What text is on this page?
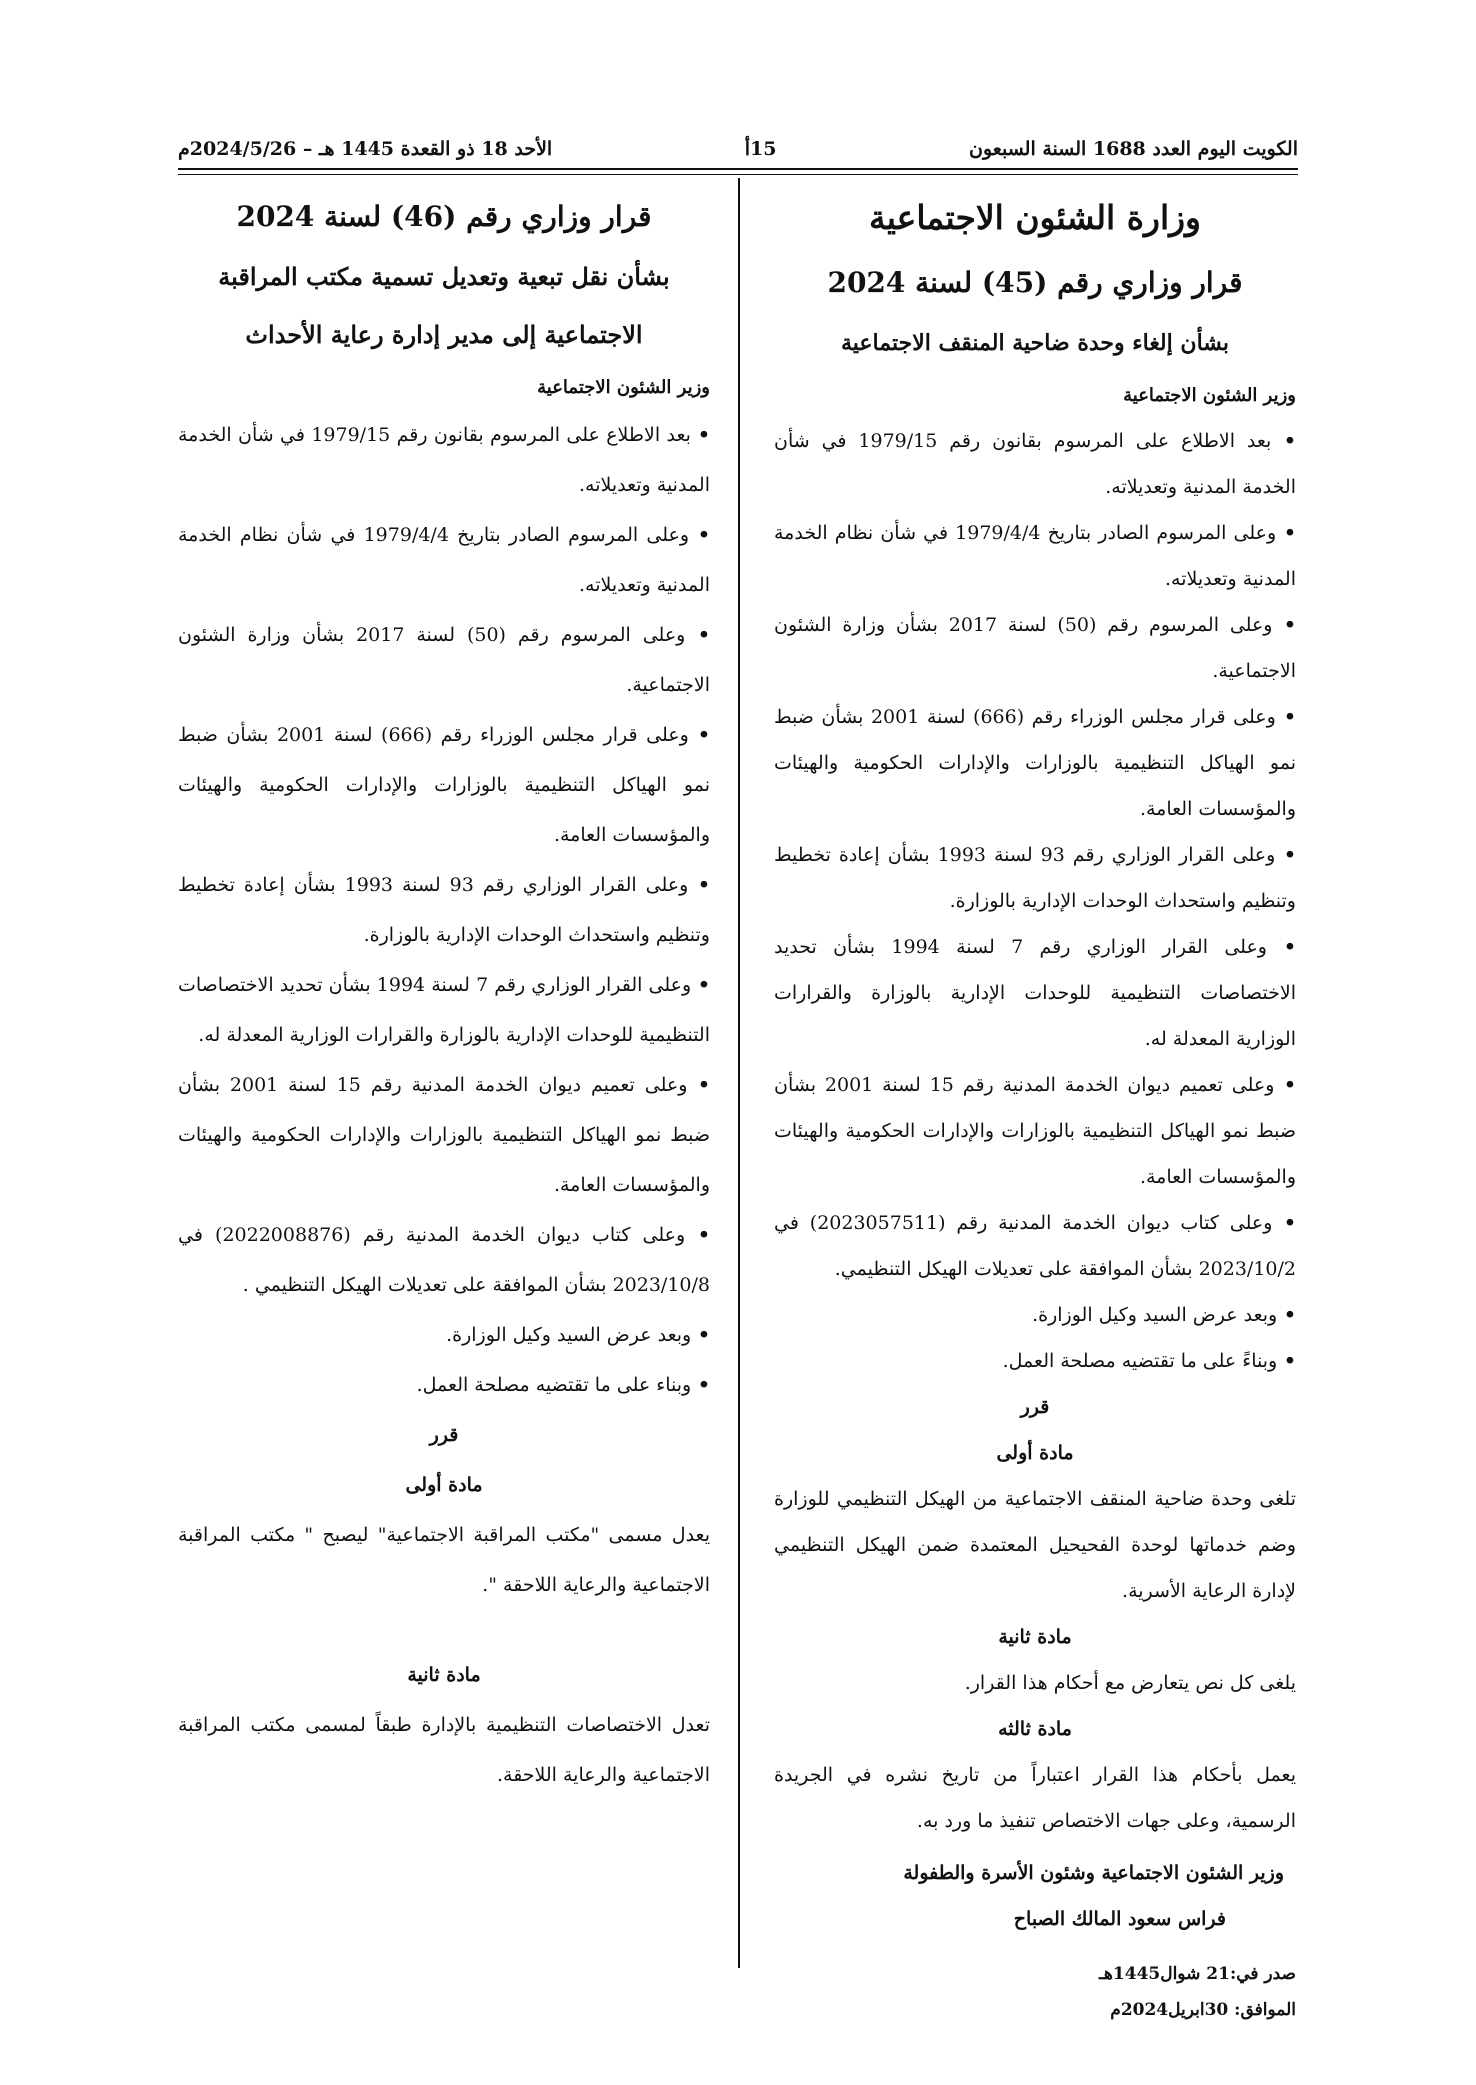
الكويت اليوم العدد 1688 السنة السبعون
15أ
الأحد 18 ذو القعدة 1445 هـ – 2024/5/26م
وزارة الشئون الاجتماعية
قرار وزاري رقم (45) لسنة 2024
بشأن إلغاء وحدة ضاحية المنقف الاجتماعية

وزير الشئون الاجتماعية

• بعد الاطلاع على المرسوم بقانون رقم 1979/15 في شأن الخدمة المدنية وتعديلاته.

• وعلى المرسوم الصادر بتاريخ 1979/4/4 في شأن نظام الخدمة المدنية وتعديلاته.

• وعلى المرسوم رقم (50) لسنة 2017 بشأن وزارة الشئون الاجتماعية.

• وعلى قرار مجلس الوزراء رقم (666) لسنة 2001 بشأن ضبط نمو الهياكل التنظيمية بالوزارات والإدارات الحكومية والهيئات والمؤسسات العامة.

• وعلى القرار الوزاري رقم 93 لسنة 1993 بشأن إعادة تخطيط وتنظيم واستحداث الوحدات الإدارية بالوزارة.

• وعلى القرار الوزاري رقم 7 لسنة 1994 بشأن تحديد الاختصاصات التنظيمية للوحدات الإدارية بالوزارة والقرارات الوزارية المعدلة له.

• وعلى تعميم ديوان الخدمة المدنية رقم 15 لسنة 2001 بشأن ضبط نمو الهياكل التنظيمية بالوزارات والإدارات الحكومية والهيئات والمؤسسات العامة.

• وعلى كتاب ديوان الخدمة المدنية رقم (2023057511) في 2023/10/2 بشأن الموافقة على تعديلات الهيكل التنظيمي.

• وبعد عرض السيد وكيل الوزارة.

• وبناءً على ما تقتضيه مصلحة العمل.

قرر

مادة أولى

تلغى وحدة ضاحية المنقف الاجتماعية من الهيكل التنظيمي للوزارة وضم خدماتها لوحدة الفحيحيل المعتمدة ضمن الهيكل التنظيمي لإدارة الرعاية الأسرية.

مادة ثانية

يلغى كل نص يتعارض مع أحكام هذا القرار.

مادة ثالثه

يعمل بأحكام هذا القرار اعتباراً من تاريخ نشره في الجريدة الرسمية، وعلى جهات الاختصاص تنفيذ ما ورد به.

وزير الشئون الاجتماعية وشئون الأسرة والطفولة

فراس سعود المالك الصباح

صدر في:21 شوال1445هـ

الموافق: 30ابريل2024م

قرار وزاري رقم (46) لسنة 2024
بشأن نقل تبعية وتعديل تسمية مكتب المراقبة
الاجتماعية إلى مدير إدارة رعاية الأحداث

وزير الشئون الاجتماعية

• بعد الاطلاع على المرسوم بقانون رقم 1979/15 في شأن الخدمة المدنية وتعديلاته.

• وعلى المرسوم الصادر بتاريخ 1979/4/4 في شأن نظام الخدمة المدنية وتعديلاته.

• وعلى المرسوم رقم (50) لسنة 2017 بشأن وزارة الشئون الاجتماعية.

• وعلى قرار مجلس الوزراء رقم (666) لسنة 2001 بشأن ضبط نمو الهياكل التنظيمية بالوزارات والإدارات الحكومية والهيئات والمؤسسات العامة.

• وعلى القرار الوزاري رقم 93 لسنة 1993 بشأن إعادة تخطيط وتنظيم واستحداث الوحدات الإدارية بالوزارة.

• وعلى القرار الوزاري رقم 7 لسنة 1994 بشأن تحديد الاختصاصات التنظيمية للوحدات الإدارية بالوزارة والقرارات الوزارية المعدلة له.

• وعلى تعميم ديوان الخدمة المدنية رقم 15 لسنة 2001 بشأن ضبط نمو الهياكل التنظيمية بالوزارات والإدارات الحكومية والهيئات والمؤسسات العامة.

• وعلى كتاب ديوان الخدمة المدنية رقم (2022008876) في 2023/10/8 بشأن الموافقة على تعديلات الهيكل التنظيمي .

• وبعد عرض السيد وكيل الوزارة.

• وبناء على ما تقتضيه مصلحة العمل.

قرر

مادة أولى

يعدل مسمى "مكتب المراقبة الاجتماعية" ليصبح " مكتب المراقبة الاجتماعية والرعاية اللاحقة ".

مادة ثانية

تعدل الاختصاصات التنظيمية بالإدارة طبقاً لمسمى مكتب المراقبة الاجتماعية والرعاية اللاحقة.
